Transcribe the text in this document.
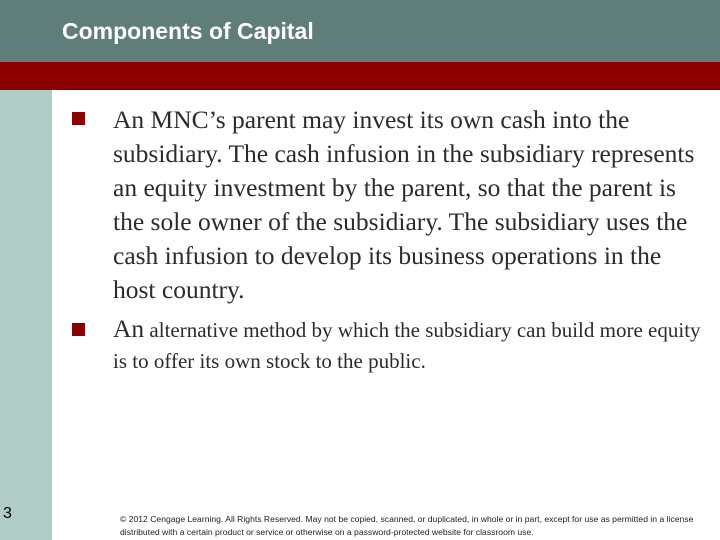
Components of Capital
An MNC’s parent may invest its own cash into the subsidiary. The cash infusion in the subsidiary represents an equity investment by the parent, so that the parent is the sole owner of the subsidiary. The subsidiary uses the cash infusion to develop its business operations in the host country.
An alternative method by which the subsidiary can build more equity is to offer its own stock to the public.
3	© 2012 Cengage Learning. All Rights Reserved. May not be copied, scanned, or duplicated, in whole or in part, except for use as permitted in a license distributed with a certain product or service or otherwise on a password-protected website for classroom use.
